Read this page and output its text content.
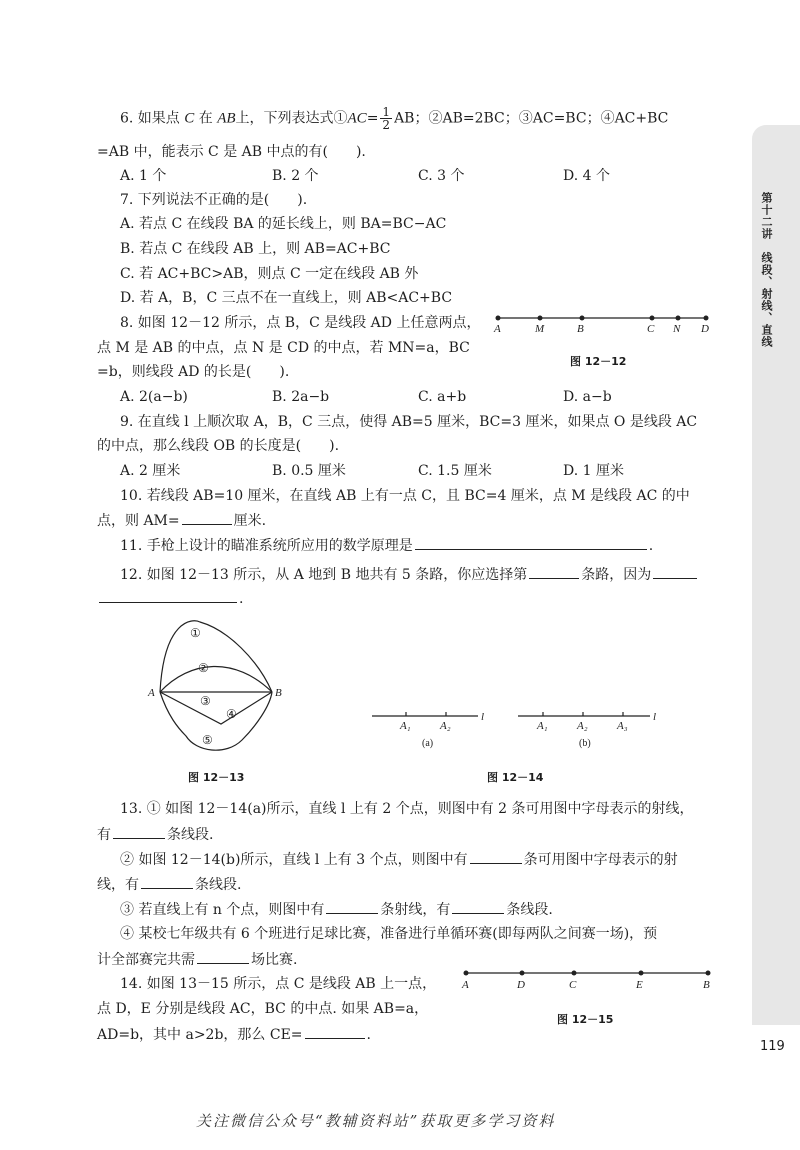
第十二讲　线段、射线、直线
6. 如果点 C 在 AB上，下列表达式①AC= $\frac{1}{2}$ AB；②AB=2BC；③AC=BC；④AC+BC
=AB 中，能表示 C 是 AB 中点的有(　　).
A. 1 个	B. 2 个	C. 3 个	D. 4 个
7. 下列说法不正确的是(　　).
A. 若点 C 在线段 BA 的延长线上，则 BA=BC−AC
B. 若点 C 在线段 AB 上，则 AB=AC+BC
C. 若 AC+BC>AB，则点 C 一定在线段 AB 外
D. 若 A，B，C 三点不在一直线上，则 AB<AC+BC
8. 如图 12－12 所示，点 B，C 是线段 AD 上任意两点，
点 M 是 AB 的中点，点 N 是 CD 的中点，若 MN=a，BC
=b，则线段 AD 的长是(　　).
A. 2(a−b)	B. 2a−b	C. a+b	D. a−b
A	M	B	C N D
图 12－12
9. 在直线 l 上顺次取 A，B，C 三点，使得 AB=5 厘米，BC=3 厘米，如果点 O 是线段 AC
的中点，那么线段 OB 的长度是(　　).
A. 2 厘米	B. 0.5 厘米	C. 1.5 厘米	D. 1 厘米
10. 若线段 AB=10 厘米，在直线 AB 上有一点 C，且 BC=4 厘米，点 M 是线段 AC 的中
点，则 AM=	厘米.
11. 手枪上设计的瞄准系统所应用的数学原理是	.
12. 如图 12－13 所示，从 A 地到 B 地共有 5 条路，你应选择第	条路，因为
.
A	B
①
②
③
④
⑤
图 12－13
A₁	A₂
l
(a)
A₁	A₂	A₃
l
(b)
图 12－14
13. ① 如图 12－14(a)所示，直线 l 上有 2 个点，则图中有 2 条可用图中字母表示的射线，
有	条线段.
② 如图 12－14(b)所示，直线 l 上有 3 个点，则图中有	条可用图中字母表示的射
线，有	条线段.
③ 若直线上有 n 个点，则图中有	条射线，有	条线段.
④ 某校七年级共有 6 个班进行足球比赛，准备进行单循环赛(即每两队之间赛一场)，预
计全部赛完共需	场比赛.
14. 如图 13－15 所示，点 C 是线段 AB 上一点，
点 D，E 分别是线段 AC，BC 的中点. 如果 AB=a，
AD=b，其中 a>2b，那么 CE=	.
A	D	C	E	B
图 12－15
119
关注微信公众号“教辅资料站”获取更多学习资料
